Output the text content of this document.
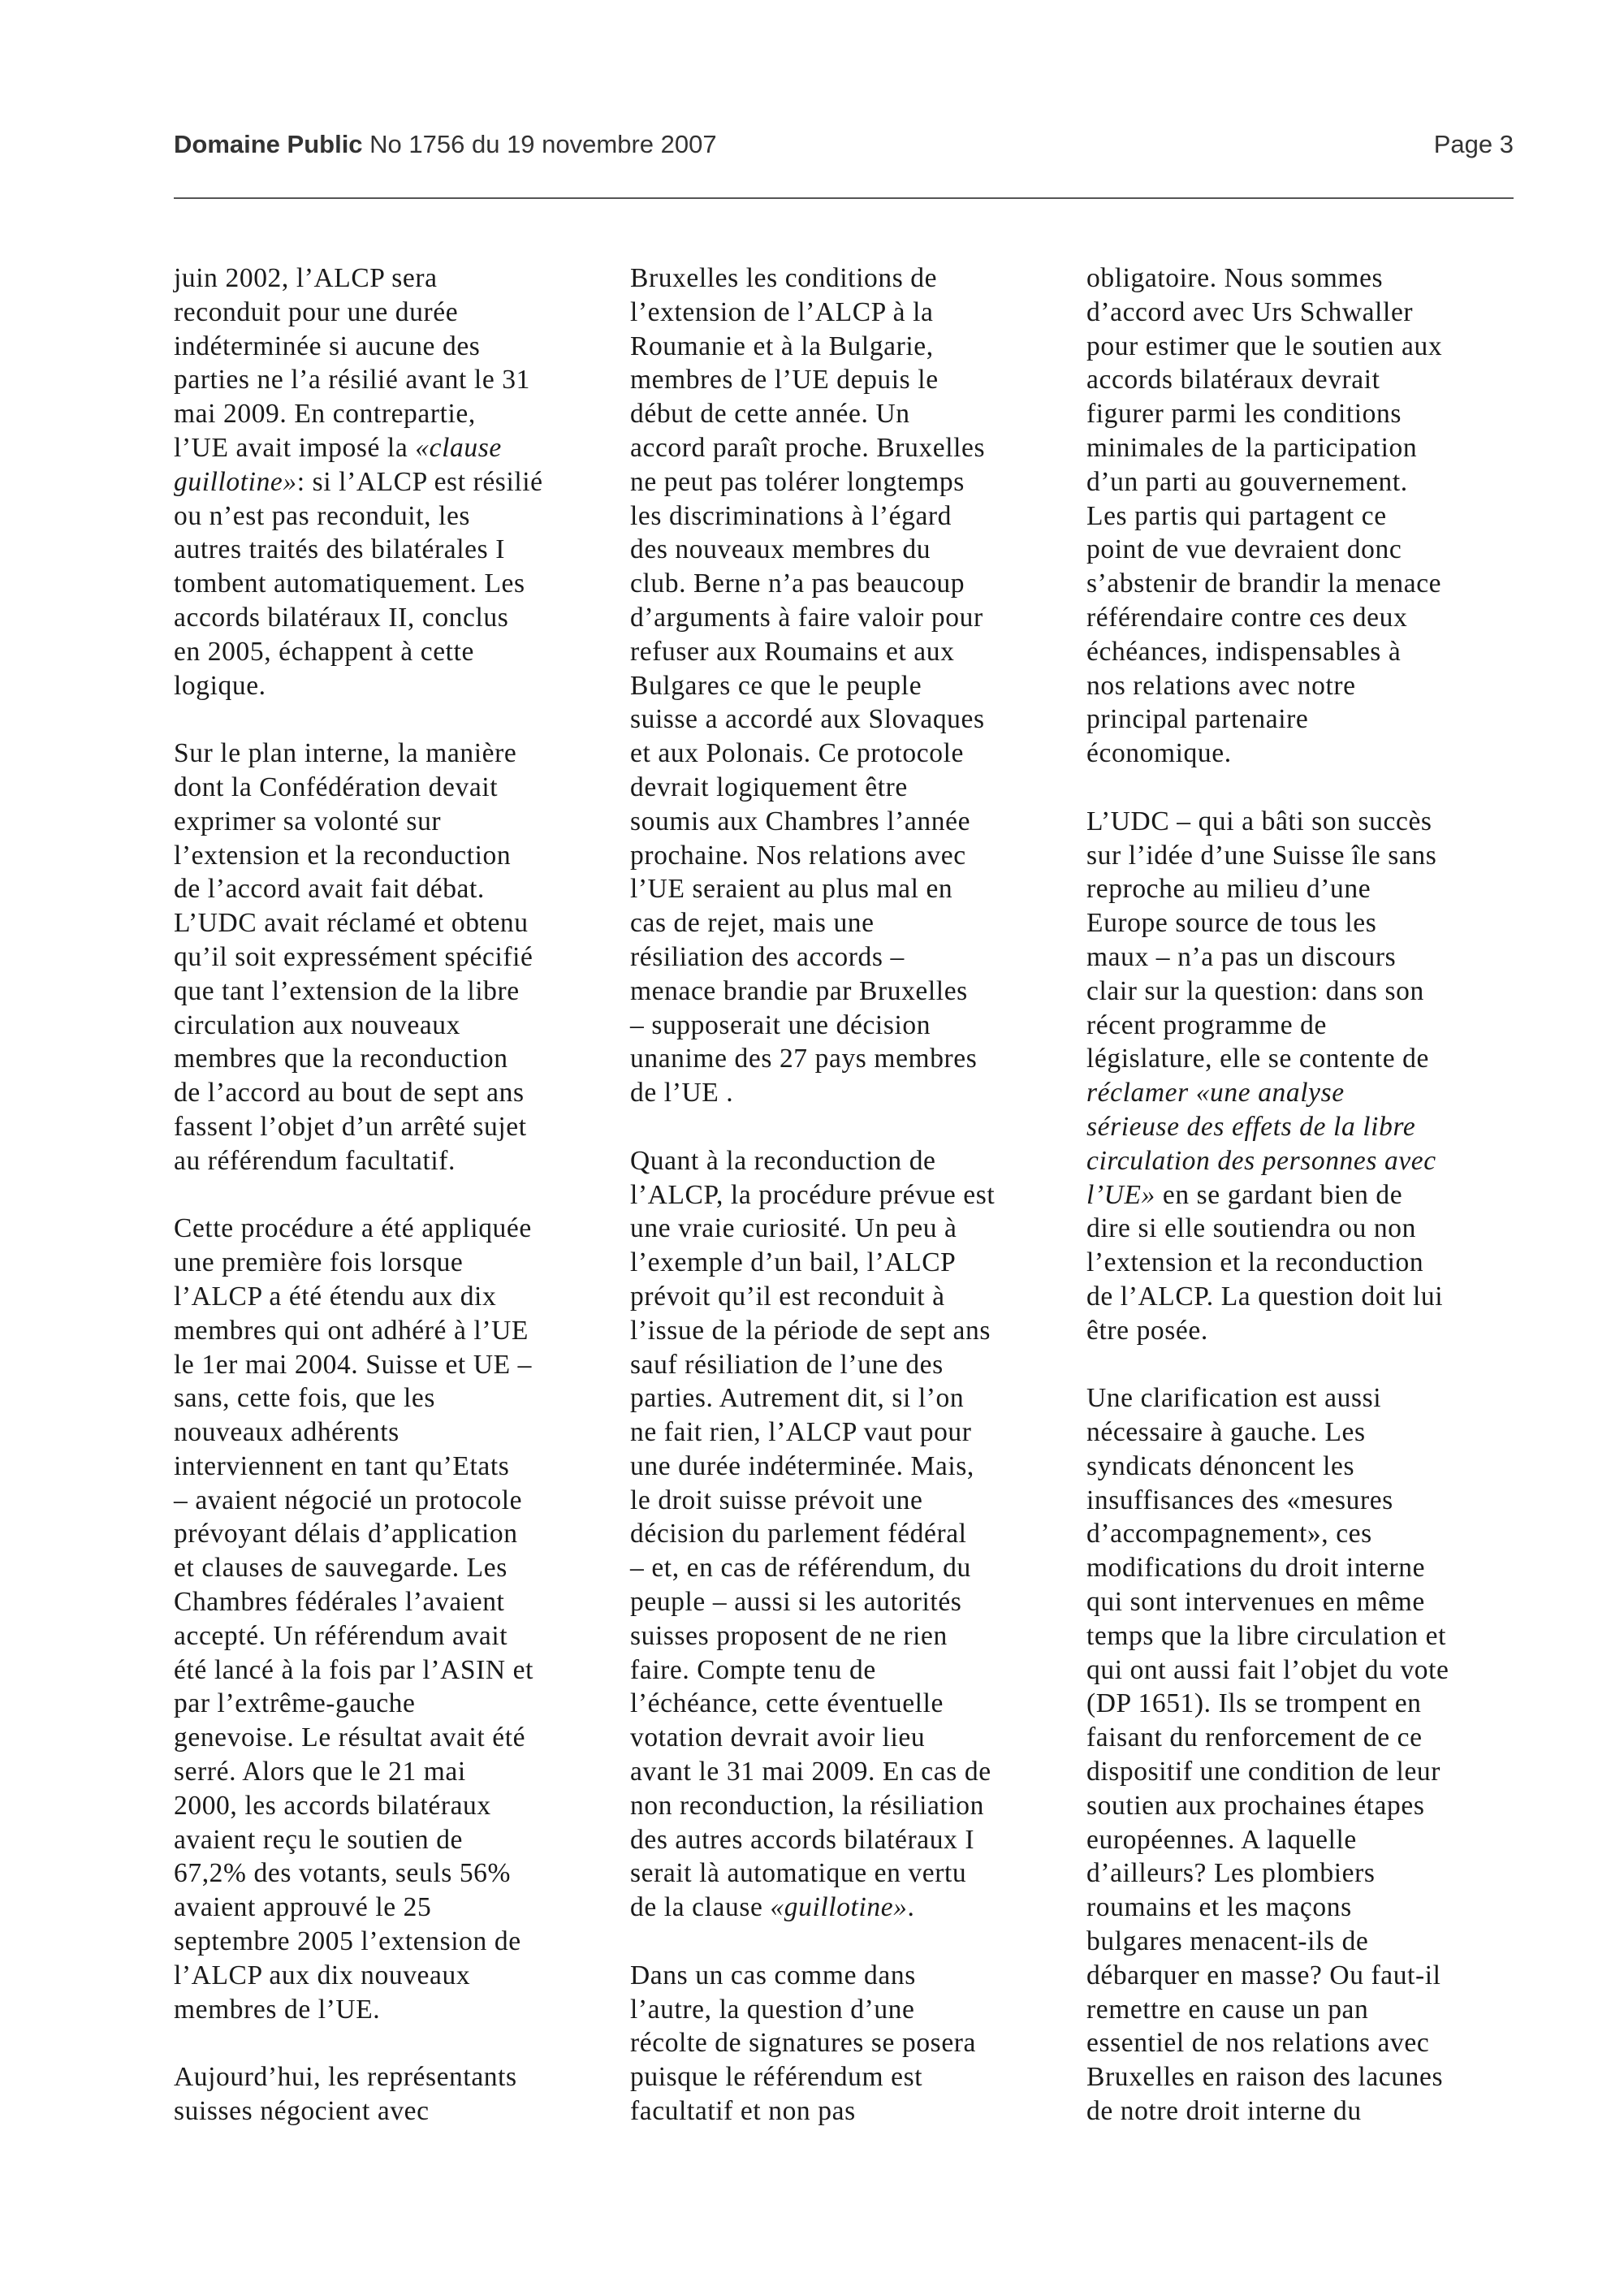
Domaine Public No 1756 du 19 novembre 2007	Page 3
juin 2002, l’ALCP sera
reconduit pour une durée
indéterminée si aucune des
parties ne l’a résilié avant le 31
mai 2009. En contrepartie,
l’UE avait imposé la «clause
guillotine»: si l’ALCP est résilié
ou n’est pas reconduit, les
autres traités des bilatérales I
tombent automatiquement. Les
accords bilatéraux II, conclus
en 2005, échappent à cette
logique.
Sur le plan interne, la manière
dont la Confédération devait
exprimer sa volonté sur
l’extension et la reconduction
de l’accord avait fait débat.
L’UDC avait réclamé et obtenu
qu’il soit expressément spécifié
que tant l’extension de la libre
circulation aux nouveaux
membres que la reconduction
de l’accord au bout de sept ans
fassent l’objet d’un arrêté sujet
au référendum facultatif.
Cette procédure a été appliquée
une première fois lorsque
l’ALCP a été étendu aux dix
membres qui ont adhéré à l’UE
le 1er mai 2004. Suisse et UE –
sans, cette fois, que les
nouveaux adhérents
interviennent en tant qu’Etats
– avaient négocié un protocole
prévoyant délais d’application
et clauses de sauvegarde. Les
Chambres fédérales l’avaient
accepté. Un référendum avait
été lancé à la fois par l’ASIN et
par l’extrême-gauche
genevoise. Le résultat avait été
serré. Alors que le 21 mai
2000, les accords bilatéraux
avaient reçu le soutien de
67,2% des votants, seuls 56%
avaient approuvé le 25
septembre 2005 l’extension de
l’ALCP aux dix nouveaux
membres de l’UE.
Aujourd’hui, les représentants
suisses négocient avec
Bruxelles les conditions de
l’extension de l’ALCP à la
Roumanie et à la Bulgarie,
membres de l’UE depuis le
début de cette année. Un
accord paraît proche. Bruxelles
ne peut pas tolérer longtemps
les discriminations à l’égard
des nouveaux membres du
club. Berne n’a pas beaucoup
d’arguments à faire valoir pour
refuser aux Roumains et aux
Bulgares ce que le peuple
suisse a accordé aux Slovaques
et aux Polonais. Ce protocole
devrait logiquement être
soumis aux Chambres l’année
prochaine. Nos relations avec
l’UE seraient au plus mal en
cas de rejet, mais une
résiliation des accords –
menace brandie par Bruxelles
– supposerait une décision
unanime des 27 pays membres
de l’UE .
Quant à la reconduction de
l’ALCP, la procédure prévue est
une vraie curiosité. Un peu à
l’exemple d’un bail, l’ALCP
prévoit qu’il est reconduit à
l’issue de la période de sept ans
sauf résiliation de l’une des
parties. Autrement dit, si l’on
ne fait rien, l’ALCP vaut pour
une durée indéterminée. Mais,
le droit suisse prévoit une
décision du parlement fédéral
– et, en cas de référendum, du
peuple – aussi si les autorités
suisses proposent de ne rien
faire. Compte tenu de
l’échéance, cette éventuelle
votation devrait avoir lieu
avant le 31 mai 2009. En cas de
non reconduction, la résiliation
des autres accords bilatéraux I
serait là automatique en vertu
de la clause «guillotine».
Dans un cas comme dans
l’autre, la question d’une
récolte de signatures se posera
puisque le référendum est
facultatif et non pas
obligatoire. Nous sommes
d’accord avec Urs Schwaller
pour estimer que le soutien aux
accords bilatéraux devrait
figurer parmi les conditions
minimales de la participation
d’un parti au gouvernement.
Les partis qui partagent ce
point de vue devraient donc
s’abstenir de brandir la menace
référendaire contre ces deux
échéances, indispensables à
nos relations avec notre
principal partenaire
économique.
L’UDC – qui a bâti son succès
sur l’idée d’une Suisse île sans
reproche au milieu d’une
Europe source de tous les
maux – n’a pas un discours
clair sur la question: dans son
récent programme de
législature, elle se contente de
réclamer «une analyse
sérieuse des effets de la libre
circulation des personnes avec
l’UE» en se gardant bien de
dire si elle soutiendra ou non
l’extension et la reconduction
de l’ALCP. La question doit lui
être posée.
Une clarification est aussi
nécessaire à gauche. Les
syndicats dénoncent les
insuffisances des «mesures
d’accompagnement», ces
modifications du droit interne
qui sont intervenues en même
temps que la libre circulation et
qui ont aussi fait l’objet du vote
(DP 1651). Ils se trompent en
faisant du renforcement de ce
dispositif une condition de leur
soutien aux prochaines étapes
européennes. A laquelle
d’ailleurs? Les plombiers
roumains et les maçons
bulgares menacent-ils de
débarquer en masse? Ou faut-il
remettre en cause un pan
essentiel de nos relations avec
Bruxelles en raison des lacunes
de notre droit interne du
